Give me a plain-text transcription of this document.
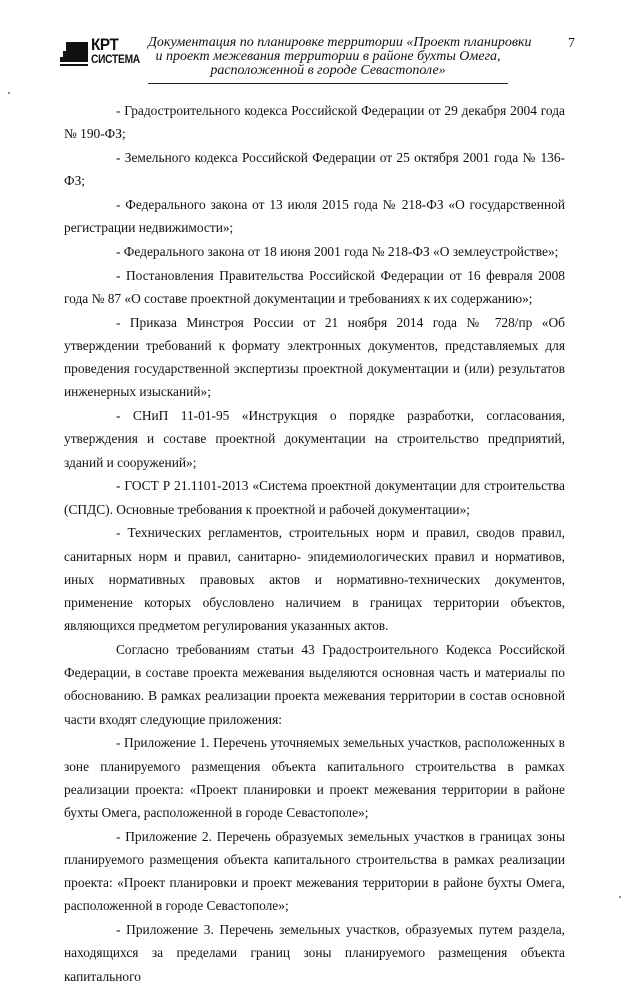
КРТ
СИСТЕМА
Документация по планировке территории «Проект планировки
и проект межевания территории в районе бухты Омега,
расположенной в городе Севастополе»
7

- Градостроительного кодекса Российской Федерации от 29 декабря 2004 года № 190-ФЗ;

- Земельного кодекса Российской Федерации от 25 октября 2001 года № 136-ФЗ;

- Федерального закона от 13 июля 2015 года № 218-ФЗ «О государственной регистрации недвижимости»;

- Федерального закона от 18 июня 2001 года № 218-ФЗ «О землеустройстве»;

- Постановления Правительства Российской Федерации от 16 февраля 2008 года № 87 «О составе проектной документации и требованиях к их содержанию»;

- Приказа Минстроя России от 21 ноября 2014 года № 728/пр «Об утверждении требований к формату электронных документов, представляемых для проведения государственной экспертизы проектной документации и (или) результатов инженерных изысканий»;

- СНиП 11-01-95 «Инструкция о порядке разработки, согласования, утверждения и составе проектной документации на строительство предприятий, зданий и сооружений»;

- ГОСТ Р 21.1101-2013 «Система проектной документации для строительства (СПДС). Основные требования к проектной и рабочей документации»;

- Технических регламентов, строительных норм и правил, сводов правил, санитарных норм и правил, санитарно- эпидемиологических правил и нормативов, иных нормативных правовых актов и нормативно-технических документов, применение которых обусловлено наличием в границах территории объектов, являющихся предметом регулирования указанных актов.

Согласно требованиям статьи 43 Градостроительного Кодекса Российской Федерации, в составе проекта межевания выделяются основная часть и материалы по обоснованию. В рамках реализации проекта межевания территории в состав основной части входят следующие приложения:

- Приложение 1. Перечень уточняемых земельных участков, расположенных в зоне планируемого размещения объекта капитального строительства в рамках реализации проекта: «Проект планировки и проект межевания территории в районе бухты Омега, расположенной в городе Севастополе»;

- Приложение 2. Перечень образуемых земельных участков в границах зоны планируемого размещения объекта капитального строительства в рамках реализации проекта: «Проект планировки и проект межевания территории в районе бухты Омега, расположенной в городе Севастополе»;

- Приложение 3. Перечень земельных участков, образуемых путем раздела, находящихся за пределами границ зоны планируемого размещения объекта капитального
